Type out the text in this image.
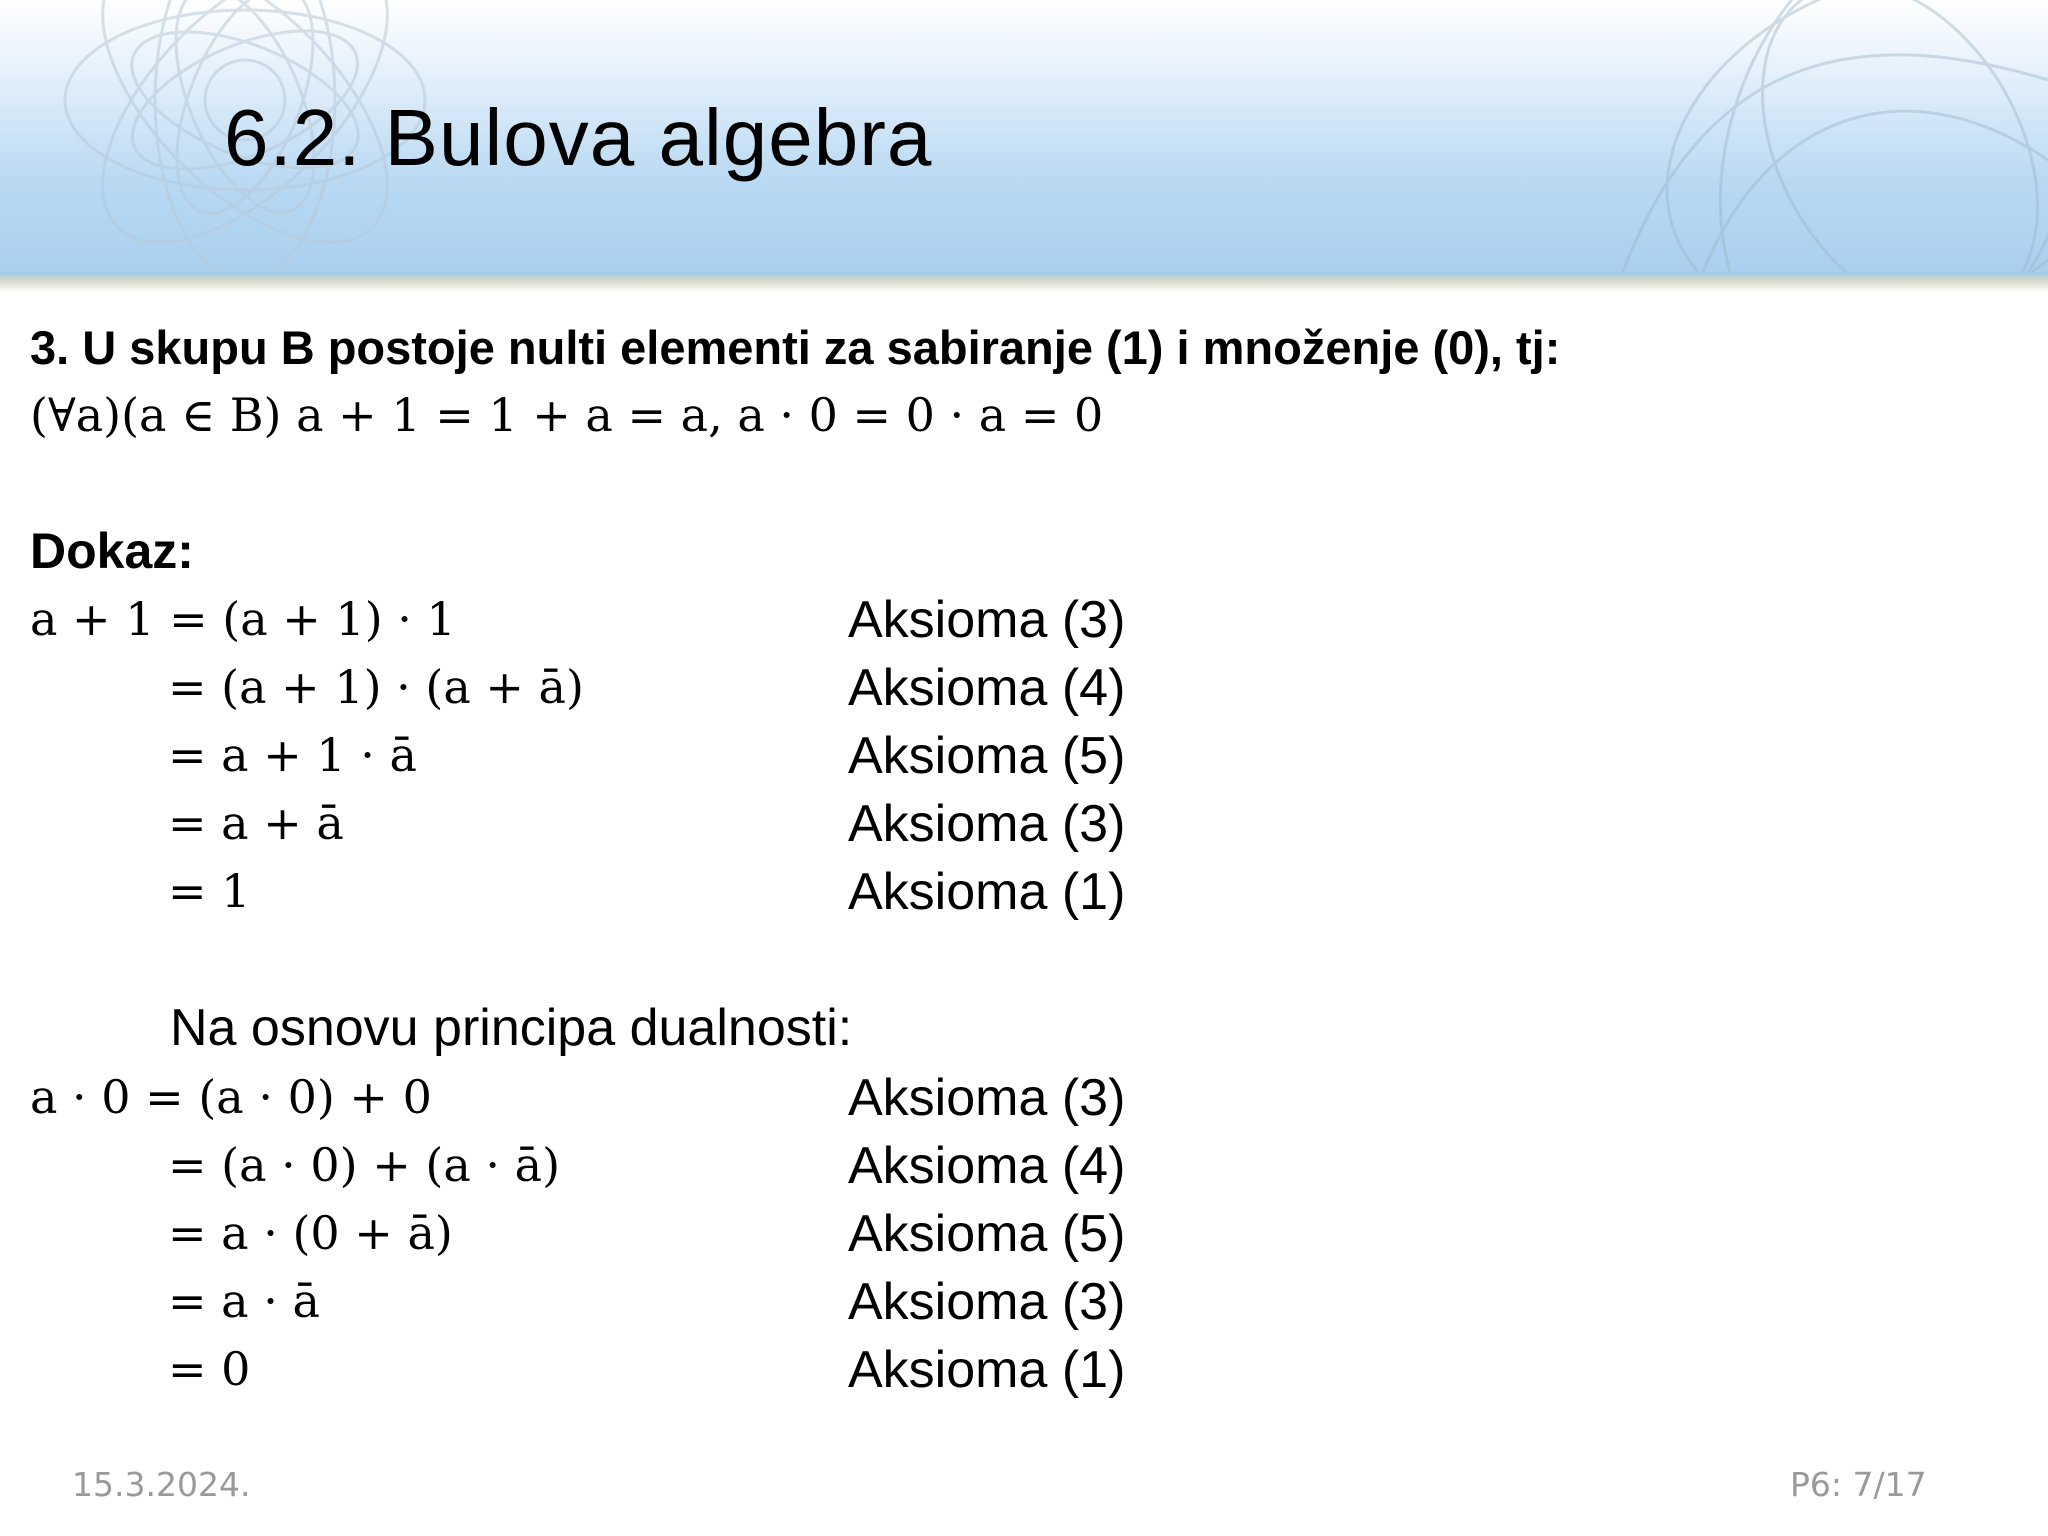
6.2. Bulova algebra
3. U skupu B postoje nulti elementi za sabiranje (1) i množenje (0), tj:
(∀a)(a ∈ B) a + 1 = 1 + a = a, a · 0 = 0 · a = 0
Dokaz:
a + 1 = (a + 1) · 1	Aksioma (3)
= (a + 1) · (a + ā)	Aksioma (4)
= a + 1 · ā	Aksioma (5)
= a + ā	Aksioma (3)
= 1	Aksioma (1)
Na osnovu principa dualnosti:
a · 0 = (a · 0) + 0	Aksioma (3)
= (a · 0) + (a · ā)	Aksioma (4)
= a · (0 + ā)	Aksioma (5)
= a · ā	Aksioma (3)
= 0	Aksioma (1)
15.3.2024.	P6: 7/17
